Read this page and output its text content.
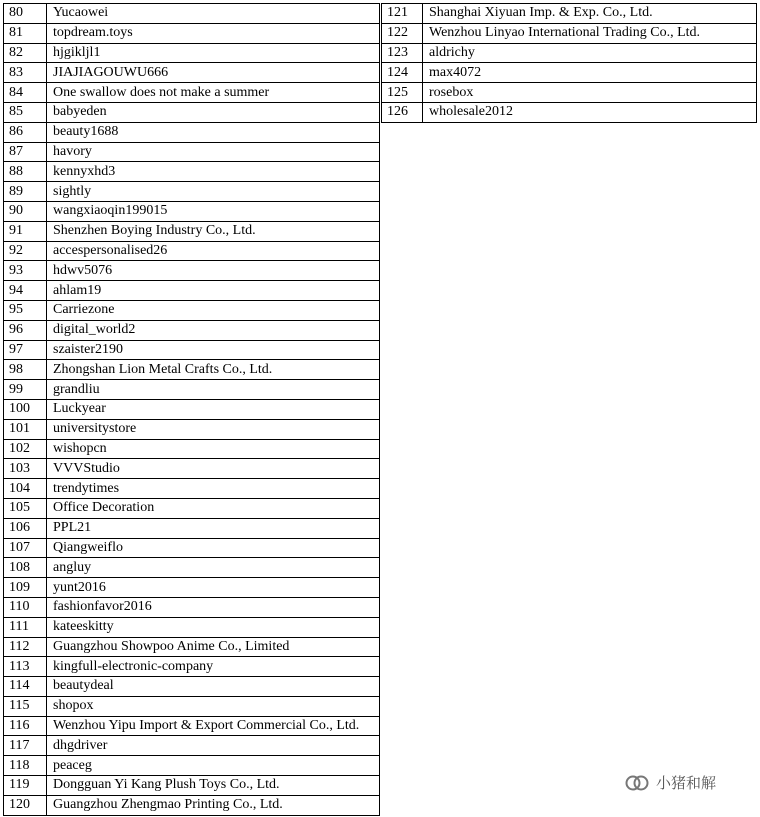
80	Yucaowei
81	topdream.toys
82	hjgikljl1
83	JIAJIAGOUWU666
84	One swallow does not make a summer
85	babyeden
86	beauty1688
87	havory
88	kennyxhd3
89	sightly
90	wangxiaoqin199015
91	Shenzhen Boying Industry Co., Ltd.
92	accespersonalised26
93	hdwv5076
94	ahlam19
95	Carriezone
96	digital_world2
97	szaister2190
98	Zhongshan Lion Metal Crafts Co., Ltd.
99	grandliu
100	Luckyear
101	universitystore
102	wishopcn
103	VVVStudio
104	trendytimes
105	Office Decoration
106	PPL21
107	Qiangweiflo
108	angluy
109	yunt2016
110	fashionfavor2016
111	kateeskitty
112	Guangzhou Showpoo Anime Co., Limited
113	kingfull-electronic-company
114	beautydeal
115	shopox
116	Wenzhou Yipu Import & Export Commercial Co., Ltd.
117	dhgdriver
118	peaceg
119	Dongguan Yi Kang Plush Toys Co., Ltd.
120	Guangzhou Zhengmao Printing Co., Ltd.
121	Shanghai Xiyuan Imp. & Exp. Co., Ltd.
122	Wenzhou Linyao International Trading Co., Ltd.
123	aldrichy
124	max4072
125	rosebox
126	wholesale2012
小猪和解
